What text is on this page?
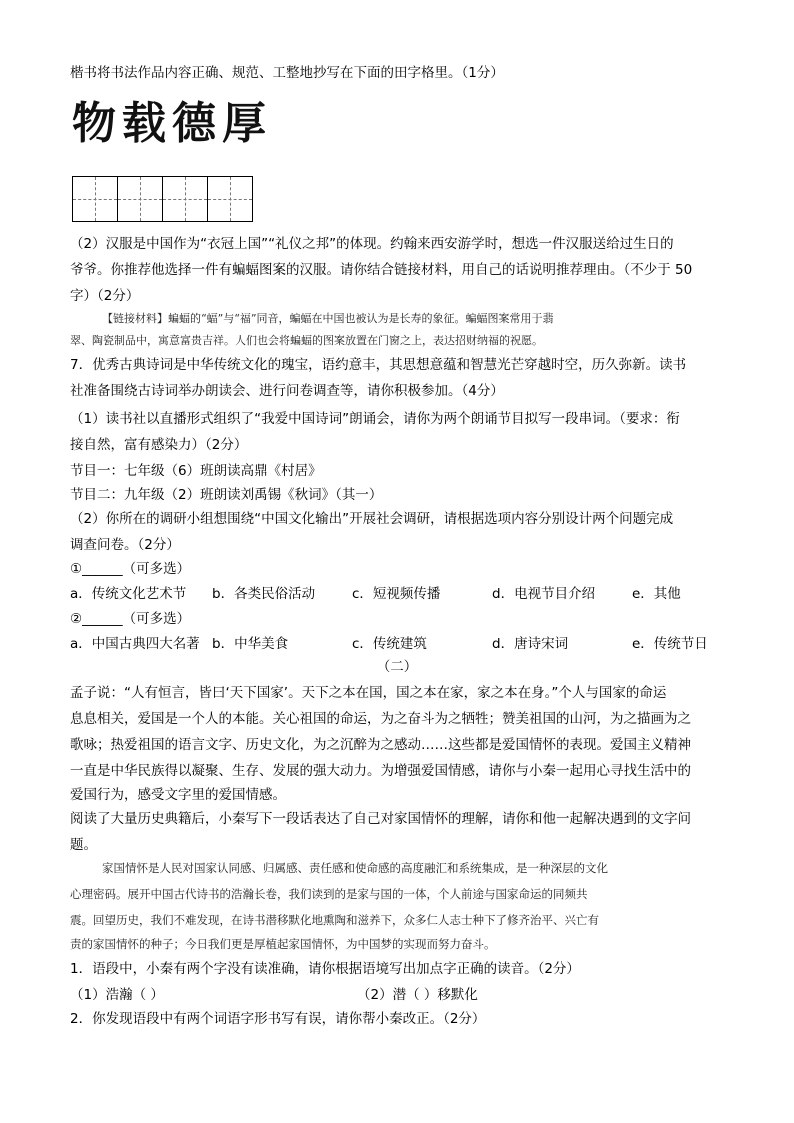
楷书将书法作品内容正确、规范、工整地抄写在下面的田字格里。（1分）
物载德厚
（2）汉服是中国作为“衣冠上国”“礼仪之邦”的体现。约翰来西安游学时，想选一件汉服送给过生日的
爷爷。你推荐他选择一件有蝙蝠图案的汉服。请你结合链接材料，用自己的话说明推荐理由。（不少于 50
字）（2分）
【链接材料】蝙蝠的“蝠”与“福”同音，蝙蝠在中国也被认为是长寿的象征。蝙蝠图案常用于翡
翠、陶瓷制品中，寓意富贵吉祥。人们也会将蝙蝠的图案放置在门窗之上，表达招财纳福的祝愿。
7．优秀古典诗词是中华传统文化的瑰宝，语约意丰，其思想意蕴和智慧光芒穿越时空，历久弥新。读书
社准备围绕古诗词举办朗读会、进行问卷调查等，请你积极参加。（4分）
（1）读书社以直播形式组织了“我爱中国诗词”朗诵会，请你为两个朗诵节目拟写一段串词。（要求：衔
接自然，富有感染力）（2分）
节目一：七年级（6）班朗读高鼎《村居》
节目二：九年级（2）班朗读刘禹锡《秋词》（其一）
（2）你所在的调研小组想围绕“中国文化输出”开展社会调研，请根据选项内容分别设计两个问题完成
调查问卷。（2分）
①______（可多选）
a．传统文化艺术节 b．各类民俗活动	c．短视频传播	d．电视节目介绍	e．其他
②______（可多选）
a．中国古典四大名著 b．中华美食	c．传统建筑	d．唐诗宋词	e．传统节日
（二）
孟子说：“人有恒言，皆曰‘天下国家’。天下之本在国，国之本在家，家之本在身。”个人与国家的命运
息息相关，爱国是一个人的本能。关心祖国的命运，为之奋斗为之牺牲；赞美祖国的山河，为之描画为之
歌咏；热爱祖国的语言文字、历史文化，为之沉醉为之感动……这些都是爱国情怀的表现。爱国主义精神
一直是中华民族得以凝聚、生存、发展的强大动力。为增强爱国情感，请你与小秦一起用心寻找生活中的
爱国行为，感受文字里的爱国情感。
阅读了大量历史典籍后，小秦写下一段话表达了自己对家国情怀的理解，请你和他一起解决遇到的文字问
题。
家国情怀是人民对国家认同感、归属感、责任感和使命感的高度融汇和系统集成，是一种深层的文化
心理密码。展开中国古代诗书的浩瀚长卷，我们读到的是家与国的一体，个人前途与国家命运的同频共
震。回望历史，我们不难发现，在诗书潜移默化地熏陶和滋养下，众多仁人志士种下了修齐治平、兴亡有
责的家国情怀的种子；今日我们更是厚植起家国情怀，为中国梦的实现而努力奋斗。
1．语段中，小秦有两个字没有读准确，请你根据语境写出加点字正确的读音。（2分）
（1）浩瀚（ ）	（2）潜（ ）移默化
2．你发现语段中有两个词语字形书写有误，请你帮小秦改正。（2分）
